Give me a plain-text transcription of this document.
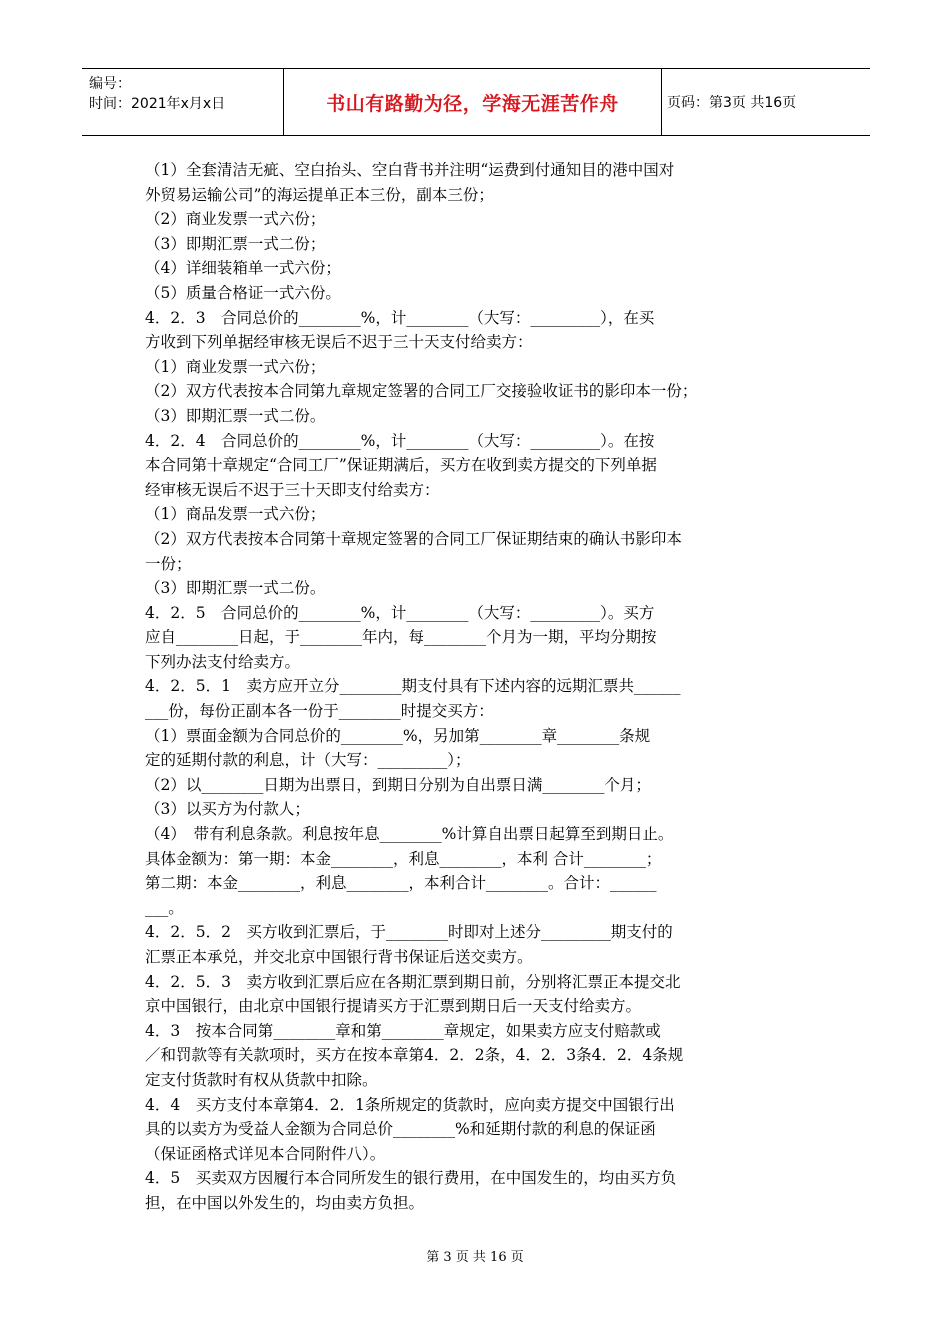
编号：
时间：2021年x月x日	书山有路勤为径，学海无涯苦作舟	页码：第3页 共16页

（1）全套清洁无疵、空白抬头、空白背书并注明“运费到付通知目的港中国对

外贸易运输公司”的海运提单正本三份，副本三份；

（2）商业发票一式六份；

（3）即期汇票一式二份；

（4）详细装箱单一式六份；

（5）质量合格证一式六份。

4．2．3　合同总价的________%，计________（大写：_________），在买

方收到下列单据经审核无误后不迟于三十天支付给卖方：

（1）商业发票一式六份；

（2）双方代表按本合同第九章规定签署的合同工厂交接验收证书的影印本一份；

（3）即期汇票一式二份。

4．2．4　合同总价的________%，计________（大写：_________）。在按

本合同第十章规定“合同工厂”保证期满后，买方在收到卖方提交的下列单据

经审核无误后不迟于三十天即支付给卖方：

（1）商品发票一式六份；

（2）双方代表按本合同第十章规定签署的合同工厂保证期结束的确认书影印本

一份；

（3）即期汇票一式二份。

4．2．5　合同总价的________%，计________（大写：_________）。买方

应自________日起，于________年内，每________个月为一期，平均分期按

下列办法支付给卖方。

4．2．5．1　卖方应开立分________期支付具有下述内容的远期汇票共______

___份，每份正副本各一份于________时提交买方：

（1）票面金额为合同总价的________%，另加第________章________条规

定的延期付款的利息，计（大写：_________）；

（2）以________日期为出票日，到期日分别为自出票日满________个月；

（3）以买方为付款人；

（4）　带有利息条款。利息按年息________%计算自出票日起算至到期日止。

具体金额为：第一期：本金________，利息________，本利 合计________；

第二期：本金________，利息________，本利合计________。合计：______

___。

4．2．5．2　买方收到汇票后，于________时即对上述分_________期支付的

汇票正本承兑，并交北京中国银行背书保证后送交卖方。

4．2．5．3　卖方收到汇票后应在各期汇票到期日前，分别将汇票正本提交北

京中国银行，由北京中国银行提请买方于汇票到期日后一天支付给卖方。

4．3　按本合同第________章和第________章规定，如果卖方应支付赔款或

／和罚款等有关款项时，买方在按本章第4．2．2条，4．2．3条4．2．4条规

定支付货款时有权从货款中扣除。

4．4　买方支付本章第4．2．1条所规定的货款时，应向卖方提交中国银行出

具的以卖方为受益人金额为合同总价________%和延期付款的利息的保证函

（保证函格式详见本合同附件八）。

4．5　买卖双方因履行本合同所发生的银行费用，在中国发生的，均由买方负

担，在中国以外发生的，均由卖方负担。

第 3 页 共 16 页
